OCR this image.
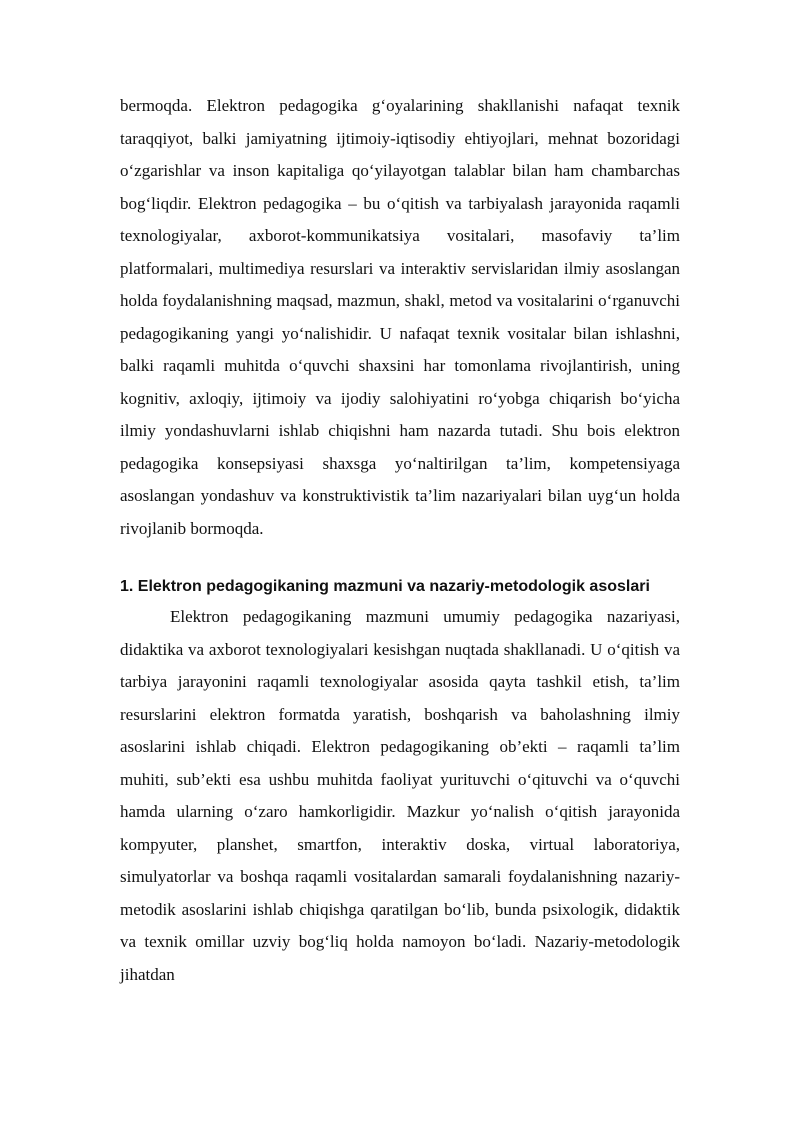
bermoqda. Elektron pedagogika g‘oyalarining shakllanishi nafaqat texnik taraqqiyot, balki jamiyatning ijtimoiy-iqtisodiy ehtiyojlari, mehnat bozoridagi o‘zgarishlar va inson kapitaliga qo‘yilayotgan talablar bilan ham chambarchas bog‘liqdir. Elektron pedagogika – bu o‘qitish va tarbiyalash jarayonida raqamli texnologiyalar, axborot-kommunikatsiya vositalari, masofaviy ta’lim platformalari, multimediya resurslari va interaktiv servislaridan ilmiy asoslangan holda foydalanishning maqsad, mazmun, shakl, metod va vositalarini o‘rganuvchi pedagogikaning yangi yo‘nalishidir. U nafaqat texnik vositalar bilan ishlashni, balki raqamli muhitda o‘quvchi shaxsini har tomonlama rivojlantirish, uning kognitiv, axloqiy, ijtimoiy va ijodiy salohiyatini ro‘yobga chiqarish bo‘yicha ilmiy yondashuvlarni ishlab chiqishni ham nazarda tutadi. Shu bois elektron pedagogika konsepsiyasi shaxsga yo‘naltirilgan ta’lim, kompetensiyaga asoslangan yondashuv va konstruktivistik ta’lim nazariyalari bilan uyg‘un holda rivojlanib bormoqda.

1. Elektron pedagogikaning mazmuni va nazariy-metodologik asoslari

Elektron pedagogikaning mazmuni umumiy pedagogika nazariyasi, didaktika va axborot texnologiyalari kesishgan nuqtada shakllanadi. U o‘qitish va tarbiya jarayonini raqamli texnologiyalar asosida qayta tashkil etish, ta’lim resurslarini elektron formatda yaratish, boshqarish va baholashning ilmiy asoslarini ishlab chiqadi. Elektron pedagogikaning ob’ekti – raqamli ta’lim muhiti, sub’ekti esa ushbu muhitda faoliyat yurituvchi o‘qituvchi va o‘quvchi hamda ularning o‘zaro hamkorligidir. Mazkur yo‘nalish o‘qitish jarayonida kompyuter, planshet, smartfon, interaktiv doska, virtual laboratoriya, simulyatorlar va boshqa raqamli vositalardan samarali foydalanishning nazariy-metodik asoslarini ishlab chiqishga qaratilgan bo‘lib, bunda psixologik, didaktik va texnik omillar uzviy bog‘liq holda namoyon bo‘ladi. Nazariy-metodologik jihatdan
